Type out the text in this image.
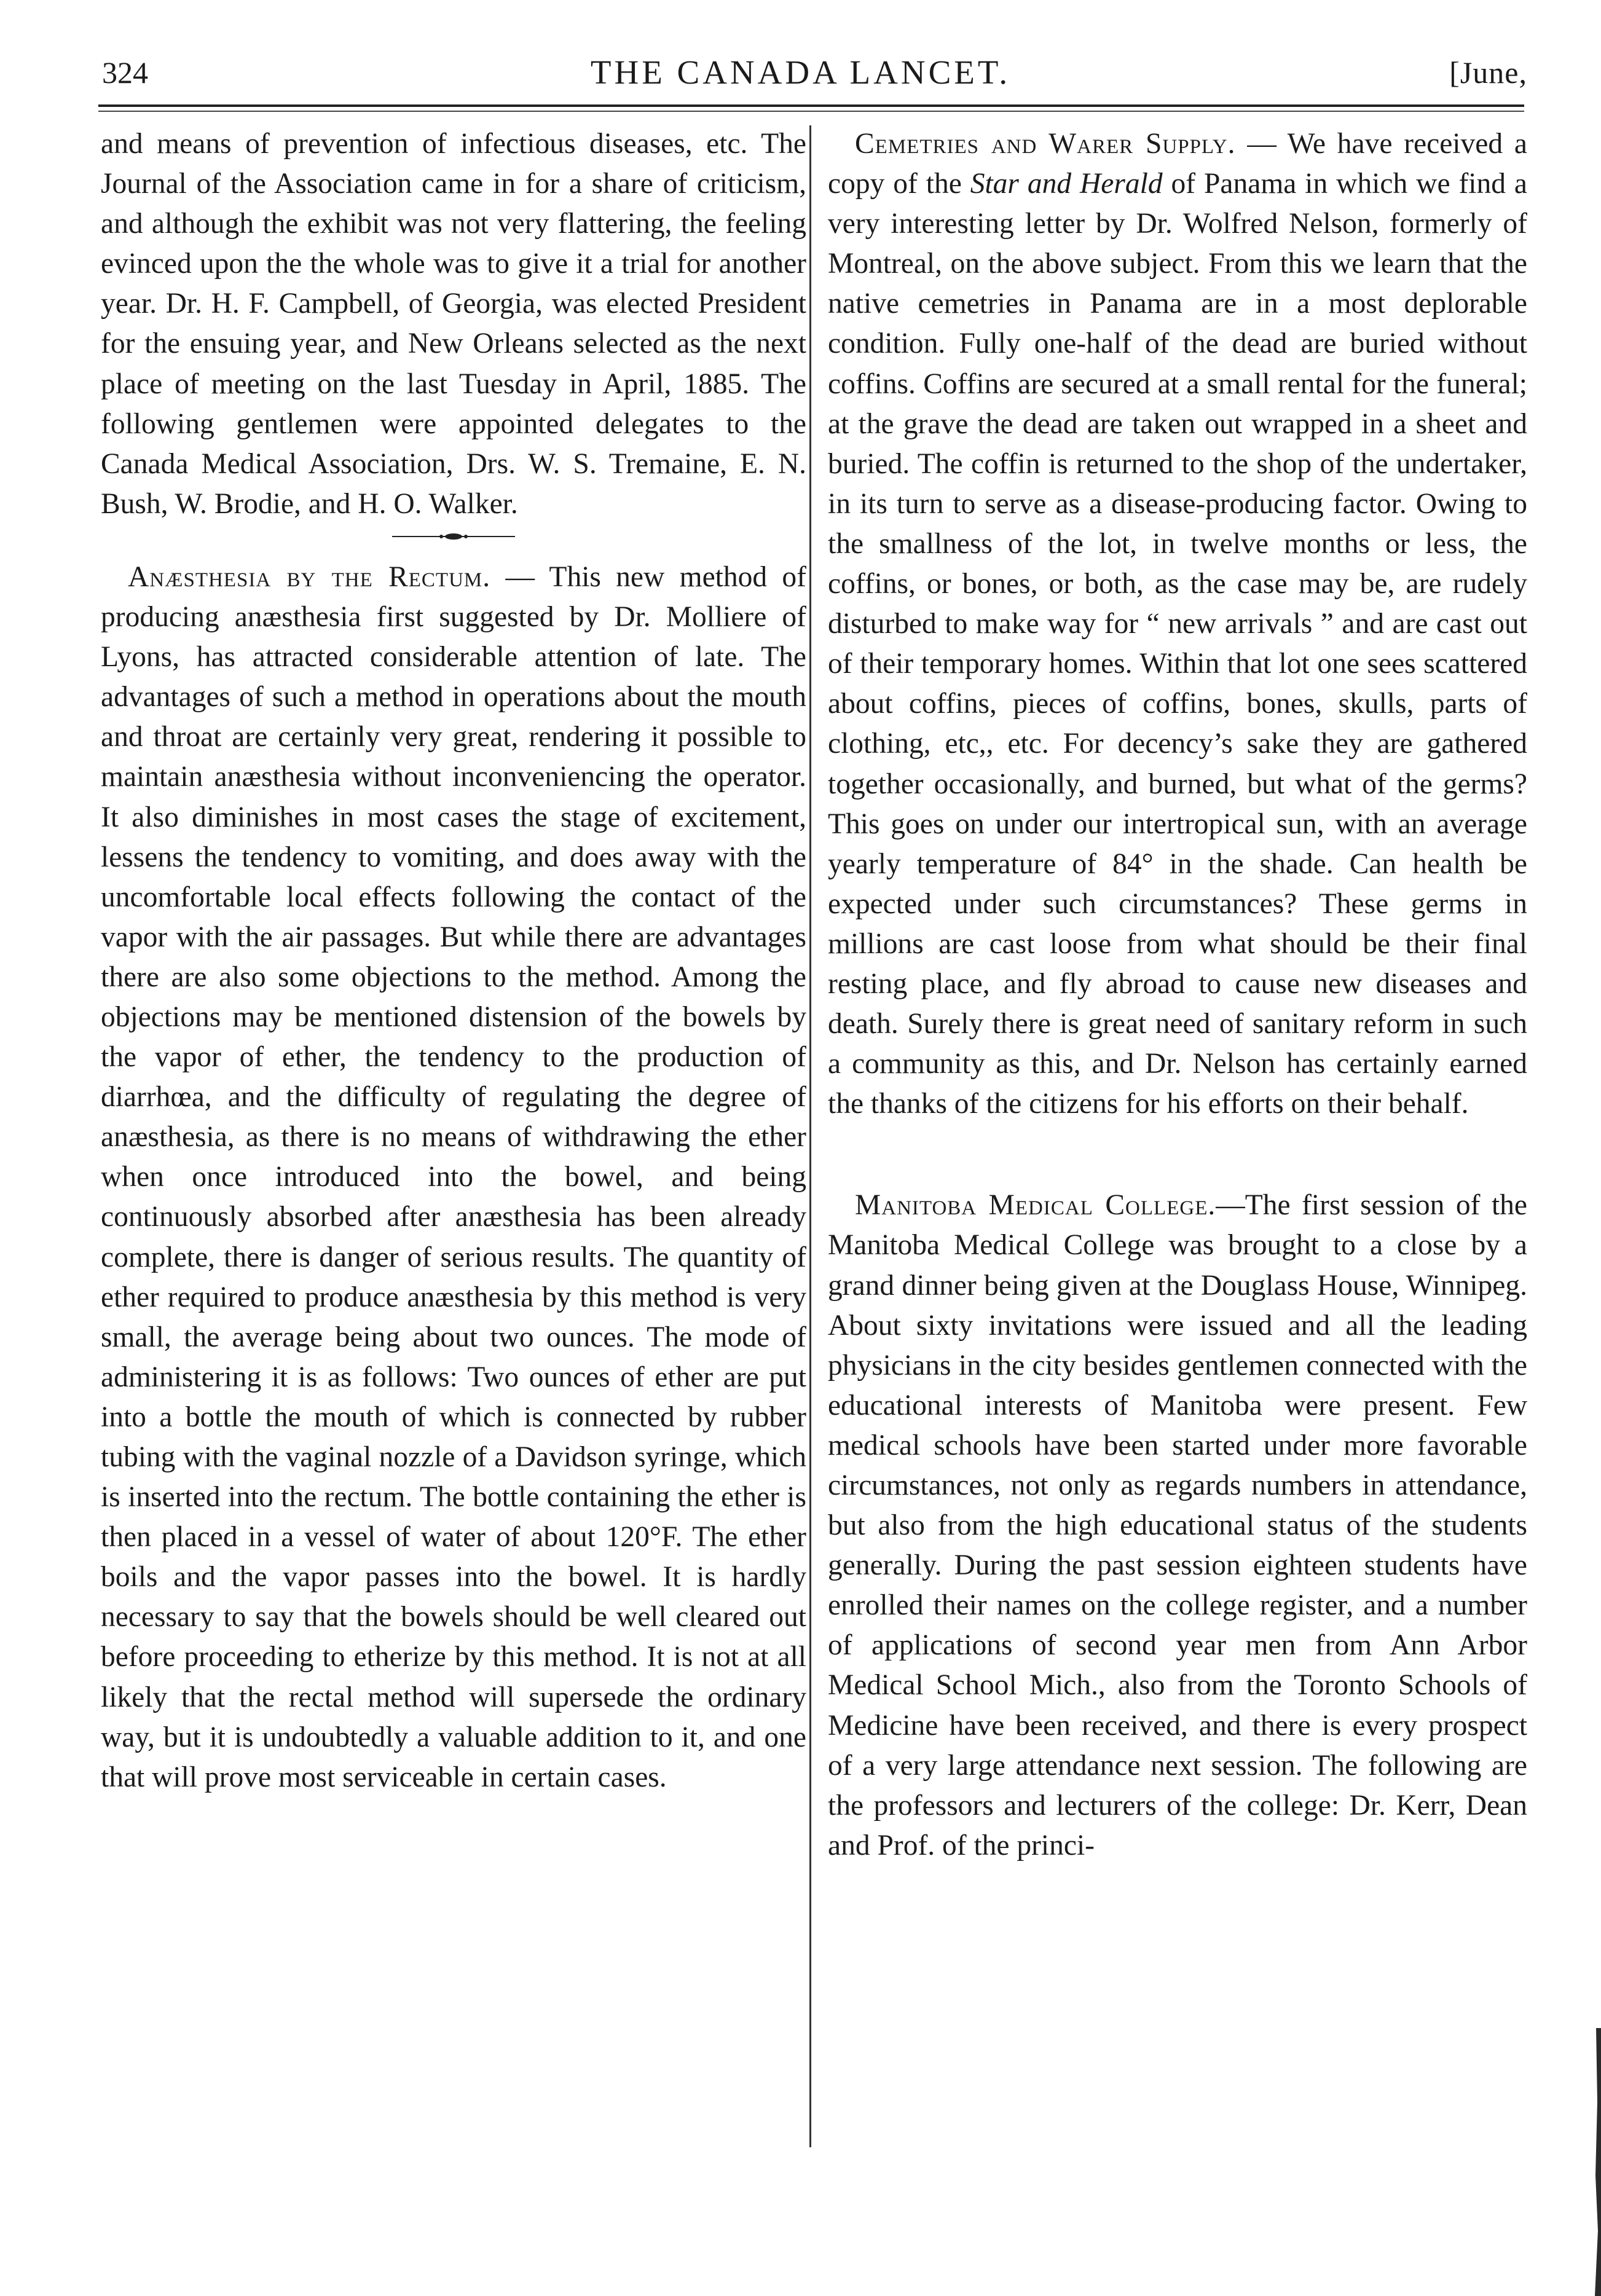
324	THE CANADA LANCET.	[June,

and means of prevention of infectious diseases, etc. The Journal of the Association came in for a share of criticism, and although the exhibit was not very flattering, the feeling evinced upon the the whole was to give it a trial for another year. Dr. H. F. Campbell, of Georgia, was elected President for the ensuing year, and New Orleans selected as the next place of meeting on the last Tuesday in April, 1885. The following gentlemen were appointed delegates to the Canada Medical Association, Drs. W. S. Tremaine, E. N. Bush, W. Brodie, and H. O. Walker.

Anæsthesia by the Rectum. — This new method of producing anæsthesia first suggested by Dr. Molliere of Lyons, has attracted considerable attention of late. The advantages of such a method in operations about the mouth and throat are certainly very great, rendering it possible to maintain anæsthesia without inconveniencing the operator. It also diminishes in most cases the stage of excitement, lessens the tendency to vomiting, and does away with the uncomfortable local effects following the contact of the vapor with the air passages. But while there are advantages there are also some objections to the method. Among the objections may be mentioned distension of the bowels by the vapor of ether, the tendency to the production of diarrhœa, and the difficulty of regulating the degree of anæsthesia, as there is no means of withdrawing the ether when once introduced into the bowel, and being continuously absorbed after anæsthesia has been already complete, there is danger of serious results. The quantity of ether required to produce anæsthesia by this method is very small, the average being about two ounces. The mode of administering it is as follows: Two ounces of ether are put into a bottle the mouth of which is connected by rubber tubing with the vaginal nozzle of a Davidson syringe, which is inserted into the rectum. The bottle containing the ether is then placed in a vessel of water of about 120°F. The ether boils and the vapor passes into the bowel. It is hardly necessary to say that the bowels should be well cleared out before proceeding to etherize by this method. It is not at all likely that the rectal method will supersede the ordinary way, but it is undoubtedly a valuable addition to it, and one that will prove most serviceable in certain cases.

Cemetries and Warer Supply. — We have received a copy of the Star and Herald of Panama in which we find a very interesting letter by Dr. Wolfred Nelson, formerly of Montreal, on the above subject. From this we learn that the native cemetries in Panama are in a most deplorable condition. Fully one-half of the dead are buried without coffins. Coffins are secured at a small rental for the funeral; at the grave the dead are taken out wrapped in a sheet and buried. The coffin is returned to the shop of the undertaker, in its turn to serve as a disease-producing factor. Owing to the smallness of the lot, in twelve months or less, the coffins, or bones, or both, as the case may be, are rudely disturbed to make way for “ new arrivals ” and are cast out of their temporary homes. Within that lot one sees scattered about coffins, pieces of coffins, bones, skulls, parts of clothing, etc,, etc. For decency’s sake they are gathered together occasionally, and burned, but what of the germs? This goes on under our intertropical sun, with an average yearly temperature of 84° in the shade. Can health be expected under such circumstances? These germs in millions are cast loose from what should be their final resting place, and fly abroad to cause new diseases and death. Surely there is great need of sanitary reform in such a community as this, and Dr. Nelson has certainly earned the thanks of the citizens for his efforts on their behalf.

Manitoba Medical College.—The first session of the Manitoba Medical College was brought to a close by a grand dinner being given at the Douglass House, Winnipeg. About sixty invitations were issued and all the leading physicians in the city besides gentlemen connected with the educational interests of Manitoba were present. Few medical schools have been started under more favorable circumstances, not only as regards numbers in attendance, but also from the high educational status of the students generally. During the past session eighteen students have enrolled their names on the college register, and a number of applications of second year men from Ann Arbor Medical School Mich., also from the Toronto Schools of Medicine have been received, and there is every prospect of a very large attendance next session. The following are the professors and lecturers of the college: Dr. Kerr, Dean and Prof. of the princi-
